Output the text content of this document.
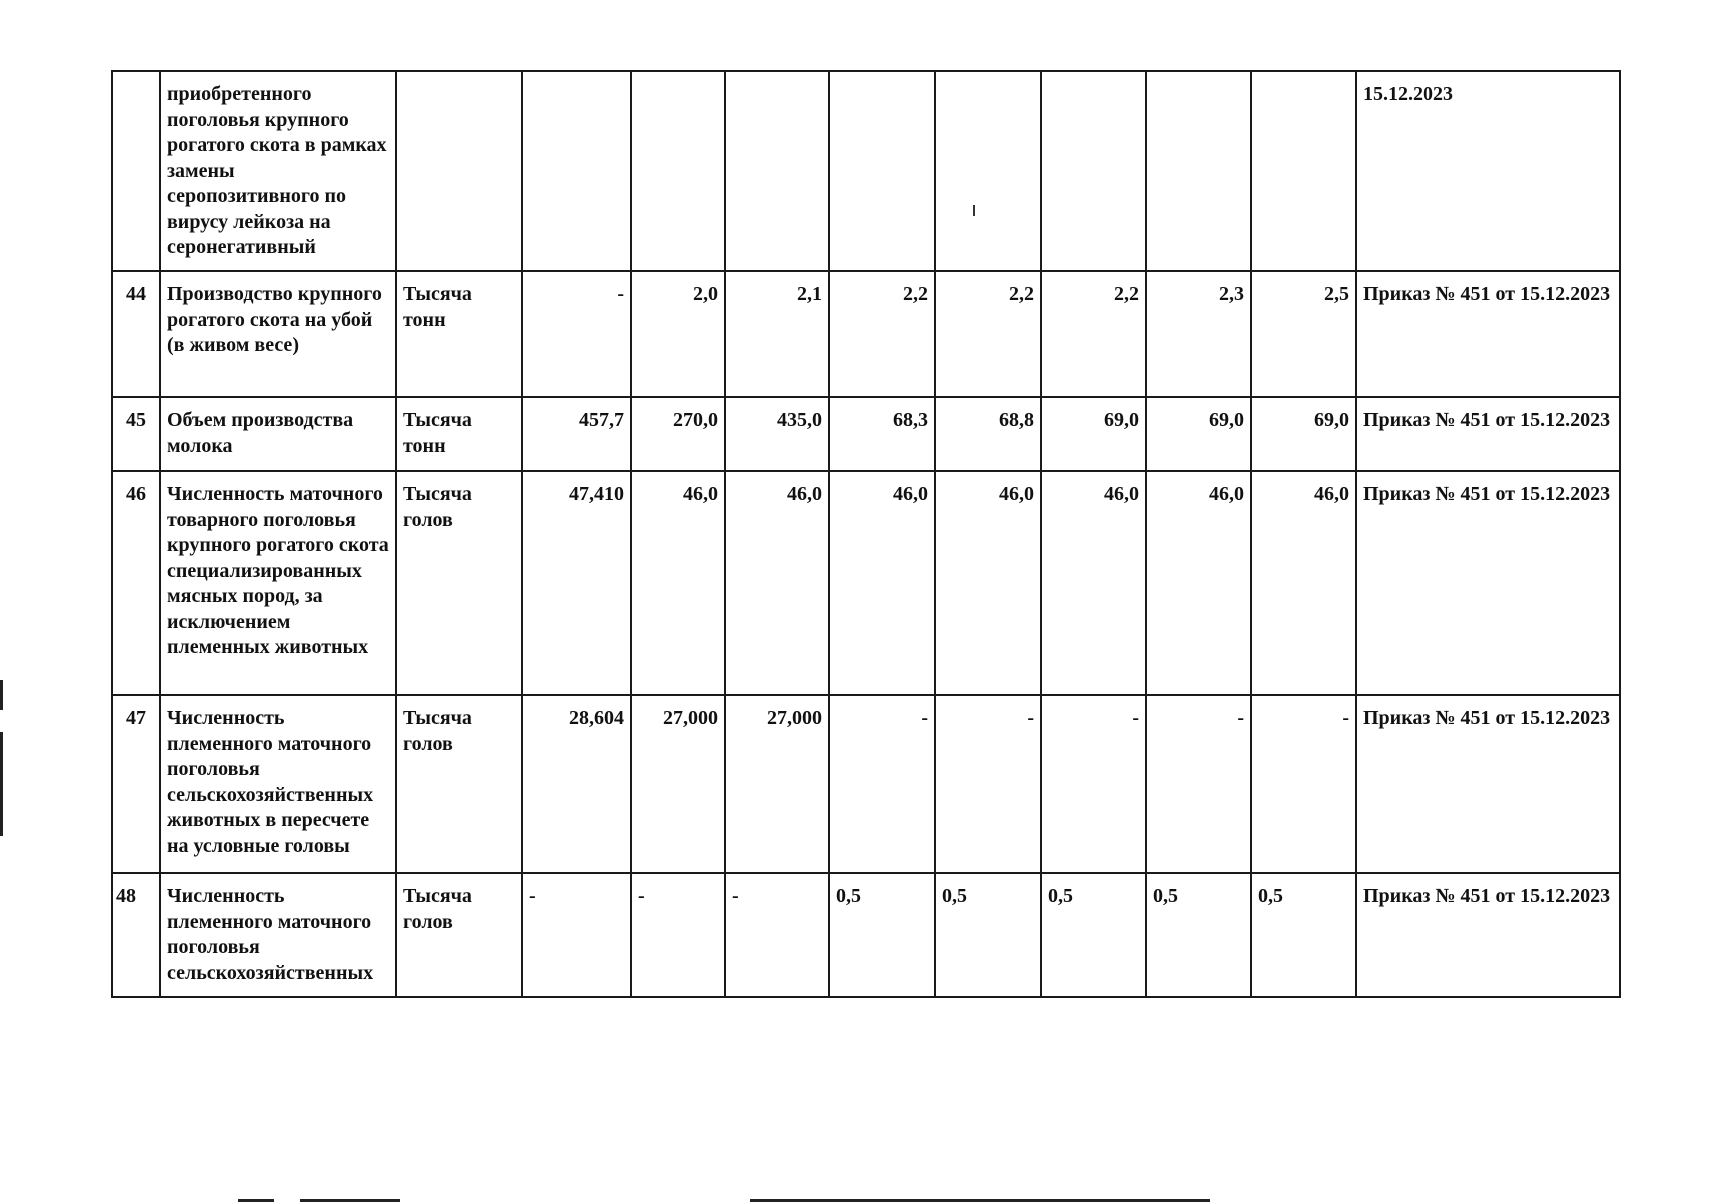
	приобретенного поголовья крупного рогатого скота в рамках замены серопозитивного по вирусу лейкоза на серонегативный										15.12.2023
44	Производство крупного рогатого скота на убой (в живом весе)	Тысяча тонн	-	2,0	2,1	2,2	2,2	2,2	2,3	2,5	Приказ № 451 от 15.12.2023
45	Объем производства молока	Тысяча тонн	457,7	270,0	435,0	68,3	68,8	69,0	69,0	69,0	Приказ № 451 от 15.12.2023
46	Численность маточного товарного поголовья крупного рогатого скота специализированных мясных пород, за исключением племенных животных	Тысяча голов	47,410	46,0	46,0	46,0	46,0	46,0	46,0	46,0	Приказ № 451 от 15.12.2023
47	Численность племенного маточного поголовья сельскохозяйственных животных в пересчете на условные головы	Тысяча голов	28,604	27,000	27,000	-	-	-	-	-	Приказ № 451 от 15.12.2023
48	Численность племенного маточного поголовья сельскохозяйственных	Тысяча голов	-	-	-	0,5	0,5	0,5	0,5	0,5	Приказ № 451 от 15.12.2023
